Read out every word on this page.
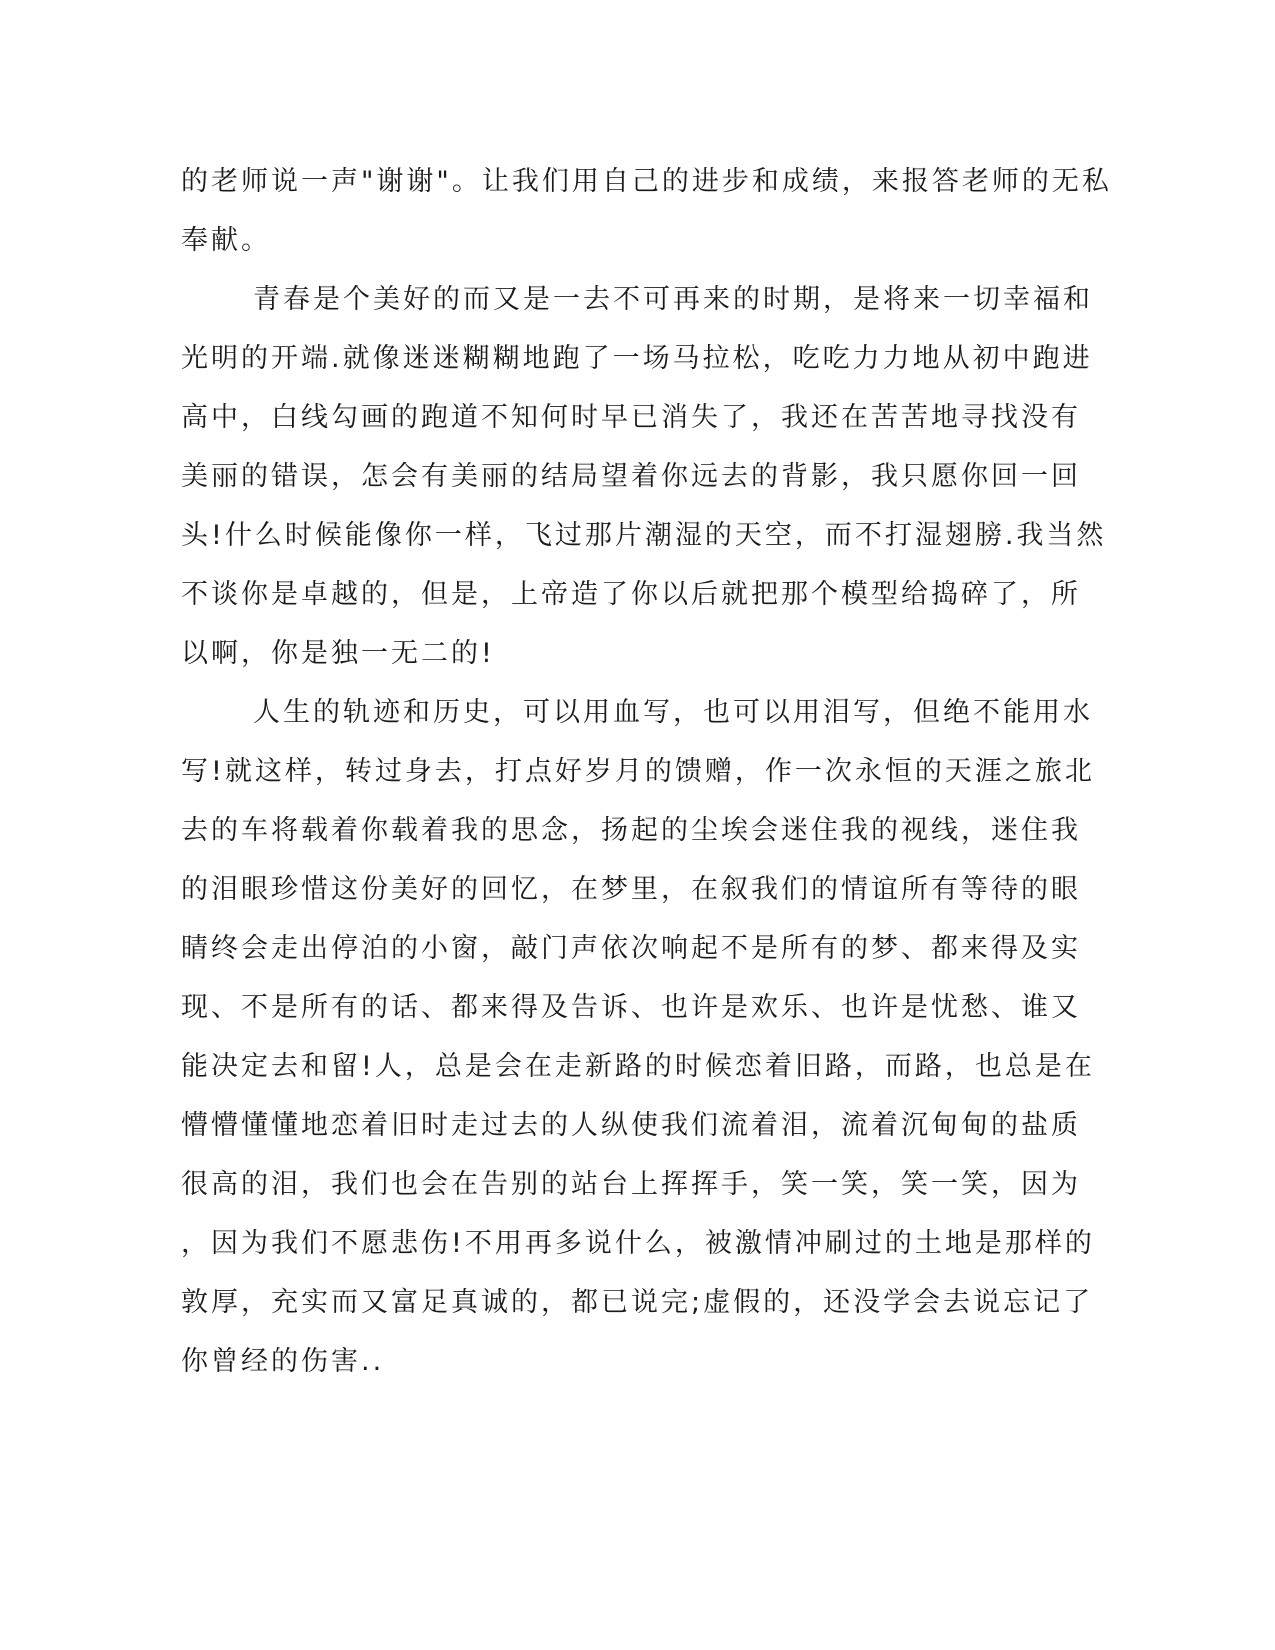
的老师说一声"谢谢"。让我们用自己的进步和成绩，来报答老师的无私
奉献。
青春是个美好的而又是一去不可再来的时期，是将来一切幸福和
光明的开端.就像迷迷糊糊地跑了一场马拉松，吃吃力力地从初中跑进
高中，白线勾画的跑道不知何时早已消失了，我还在苦苦地寻找没有
美丽的错误，怎会有美丽的结局望着你远去的背影，我只愿你回一回
头!什么时候能像你一样，飞过那片潮湿的天空，而不打湿翅膀.我当然
不谈你是卓越的，但是，上帝造了你以后就把那个模型给捣碎了，所
以啊，你是独一无二的!
人生的轨迹和历史，可以用血写，也可以用泪写，但绝不能用水
写!就这样，转过身去，打点好岁月的馈赠，作一次永恒的天涯之旅北
去的车将载着你载着我的思念，扬起的尘埃会迷住我的视线，迷住我
的泪眼珍惜这份美好的回忆，在梦里，在叙我们的情谊所有等待的眼
睛终会走出停泊的小窗，敲门声依次响起不是所有的梦、都来得及实
现、不是所有的话、都来得及告诉、也许是欢乐、也许是忧愁、谁又
能决定去和留!人，总是会在走新路的时候恋着旧路，而路，也总是在
懵懵懂懂地恋着旧时走过去的人纵使我们流着泪，流着沉甸甸的盐质
很高的泪，我们也会在告别的站台上挥挥手，笑一笑，笑一笑，因为
，因为我们不愿悲伤!不用再多说什么，被激情冲刷过的土地是那样的
敦厚，充实而又富足真诚的，都已说完;虚假的，还没学会去说忘记了
你曾经的伤害..
